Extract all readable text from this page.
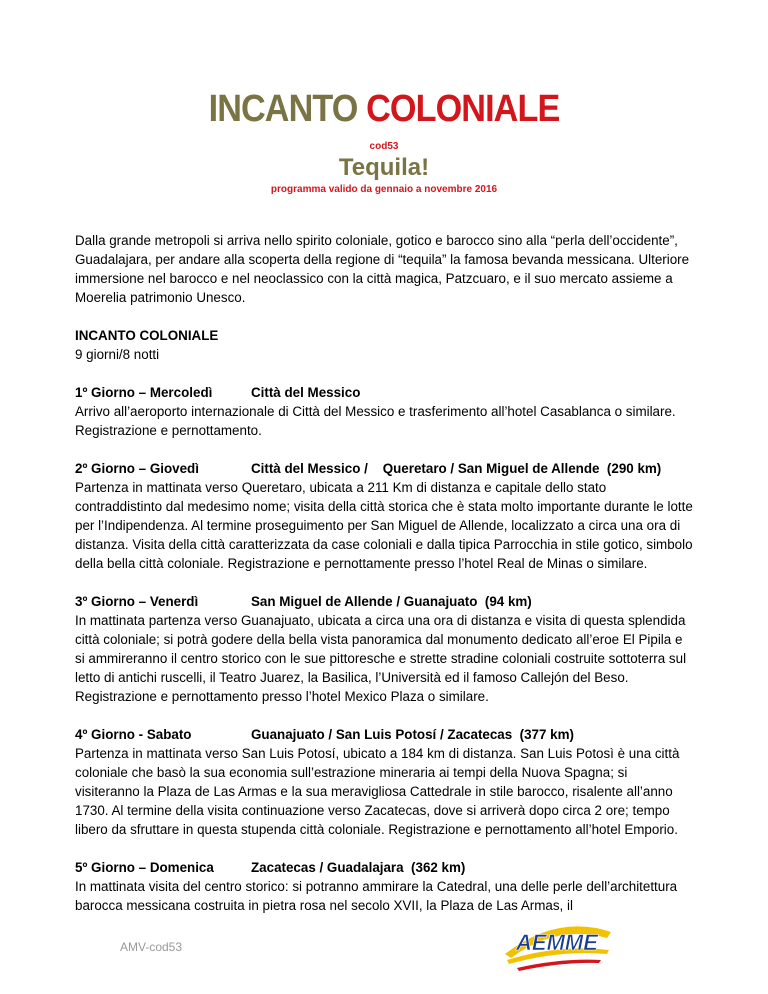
INCANTO COLONIALE
cod53
Tequila!
programma valido da gennaio a novembre 2016

Dalla grande metropoli si arriva nello spirito coloniale, gotico e barocco sino alla “perla dell’occidente”, Guadalajara, per andare alla scoperta della regione di “tequila” la famosa bevanda messicana. Ulteriore immersione nel barocco e nel neoclassico con la città magica, Patzcuaro, e il suo mercato assieme a Moerelia patrimonio Unesco.

INCANTO COLONIALE
9 giorni/8 notti

1º Giorno – Mercoledì	Città del Messico
Arrivo all’aeroporto internazionale di Città del Messico e trasferimento all’hotel Casablanca o similare. Registrazione e pernottamento.

2º Giorno – Giovedì	Città del Messico /    Queretaro / San Miguel de Allende  (290 km)
Partenza in mattinata verso Queretaro, ubicata a 211 Km di distanza e capitale dello stato contraddistinto dal medesimo nome; visita della città storica che è stata molto importante durante le lotte per l’Indipendenza. Al termine proseguimento per San Miguel de Allende, localizzato a circa una ora di distanza. Visita della città caratterizzata da case coloniali e dalla tipica Parrocchia in stile gotico, simbolo della bella città coloniale. Registrazione e pernottamente presso l’hotel Real de Minas o similare.

3º Giorno – Venerdì	San Miguel de Allende / Guanajuato  (94 km)
In mattinata partenza verso Guanajuato, ubicata a circa una ora di distanza e visita di questa splendida città coloniale; si potrà godere della bella vista panoramica dal monumento dedicato all’eroe El Pipila e si ammireranno il centro storico con le sue pittoresche e strette stradine coloniali costruite sottoterra sul letto di antichi ruscelli, il Teatro Juarez, la Basilica, l’Università ed il famoso Callejón del Beso. Registrazione e pernottamento presso l’hotel Mexico Plaza o similare.

4º Giorno - Sabato	Guanajuato / San Luis Potosí / Zacatecas  (377 km)
Partenza in mattinata verso San Luis Potosí, ubicato a 184 km di distanza. San Luis Potosì è una città coloniale che basò la sua economia sull’estrazione mineraria ai tempi della Nuova Spagna; si visiteranno la Plaza de Las Armas e la sua meravigliosa Cattedrale in stile barocco, risalente all’anno 1730. Al termine della visita continuazione verso Zacatecas, dove si arriverà dopo circa 2 ore; tempo libero da sfruttare in questa stupenda città coloniale. Registrazione e pernottamento all’hotel Emporio.

5º Giorno – Domenica	Zacatecas / Guadalajara  (362 km)
In mattinata visita del centro storico: si potranno ammirare la Catedral, una delle perle dell’architettura barocca messicana costruita in pietra rosa nel secolo XVII, la Plaza de Las Armas, il

AMV-cod53	AEMME
